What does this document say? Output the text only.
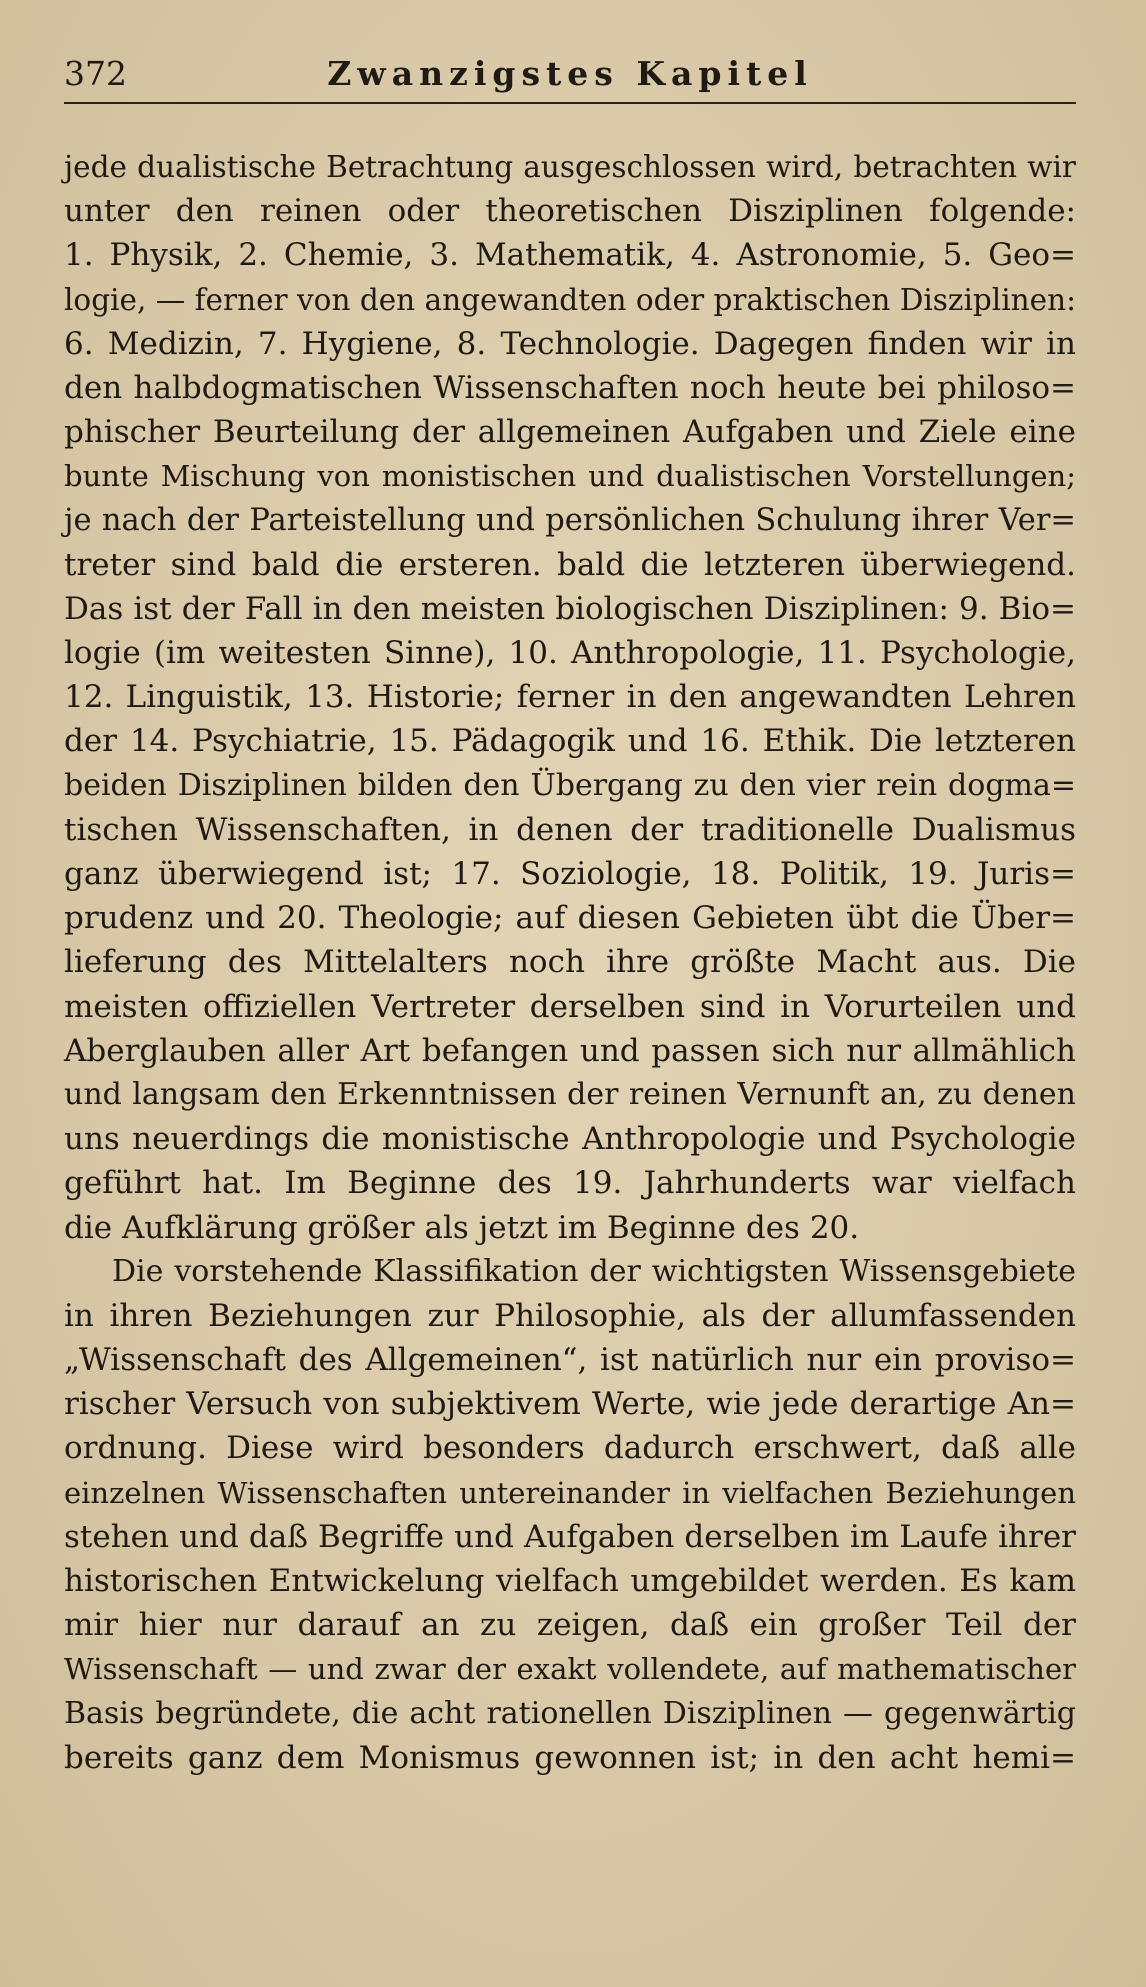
372	Zwanzigstes Kapitel
jede dualistische Betrachtung ausgeschlossen wird, betrachten wir
unter den reinen oder theoretischen Disziplinen folgende:
1. Physik, 2. Chemie, 3. Mathematik, 4. Astronomie, 5. Geo=
logie, — ferner von den angewandten oder praktischen Disziplinen:
6. Medizin, 7. Hygiene, 8. Technologie. Dagegen finden wir in
den halbdogmatischen Wissenschaften noch heute bei philoso=
phischer Beurteilung der allgemeinen Aufgaben und Ziele eine
bunte Mischung von monistischen und dualistischen Vorstellungen;
je nach der Parteistellung und persönlichen Schulung ihrer Ver=
treter sind bald die ersteren. bald die letzteren überwiegend.
Das ist der Fall in den meisten biologischen Disziplinen: 9. Bio=
logie (im weitesten Sinne), 10. Anthropologie, 11. Psychologie,
12. Linguistik, 13. Historie; ferner in den angewandten Lehren
der 14. Psychiatrie, 15. Pädagogik und 16. Ethik. Die letzteren
beiden Disziplinen bilden den Übergang zu den vier rein dogma=
tischen Wissenschaften, in denen der traditionelle Dualismus
ganz überwiegend ist; 17. Soziologie, 18. Politik, 19. Juris=
prudenz und 20. Theologie; auf diesen Gebieten übt die Über=
lieferung des Mittelalters noch ihre größte Macht aus. Die
meisten offiziellen Vertreter derselben sind in Vorurteilen und
Aberglauben aller Art befangen und passen sich nur allmählich
und langsam den Erkenntnissen der reinen Vernunft an, zu denen
uns neuerdings die monistische Anthropologie und Psychologie
geführt hat. Im Beginne des 19. Jahrhunderts war vielfach
die Aufklärung größer als jetzt im Beginne des 20.
Die vorstehende Klassifikation der wichtigsten Wissensgebiete
in ihren Beziehungen zur Philosophie, als der allumfassenden
„Wissenschaft des Allgemeinen“, ist natürlich nur ein proviso=
rischer Versuch von subjektivem Werte, wie jede derartige An=
ordnung. Diese wird besonders dadurch erschwert, daß alle
einzelnen Wissenschaften untereinander in vielfachen Beziehungen
stehen und daß Begriffe und Aufgaben derselben im Laufe ihrer
historischen Entwickelung vielfach umgebildet werden. Es kam
mir hier nur darauf an zu zeigen, daß ein großer Teil der
Wissenschaft — und zwar der exakt vollendete, auf mathematischer
Basis begründete, die acht rationellen Disziplinen — gegenwärtig
bereits ganz dem Monismus gewonnen ist; in den acht hemi=
